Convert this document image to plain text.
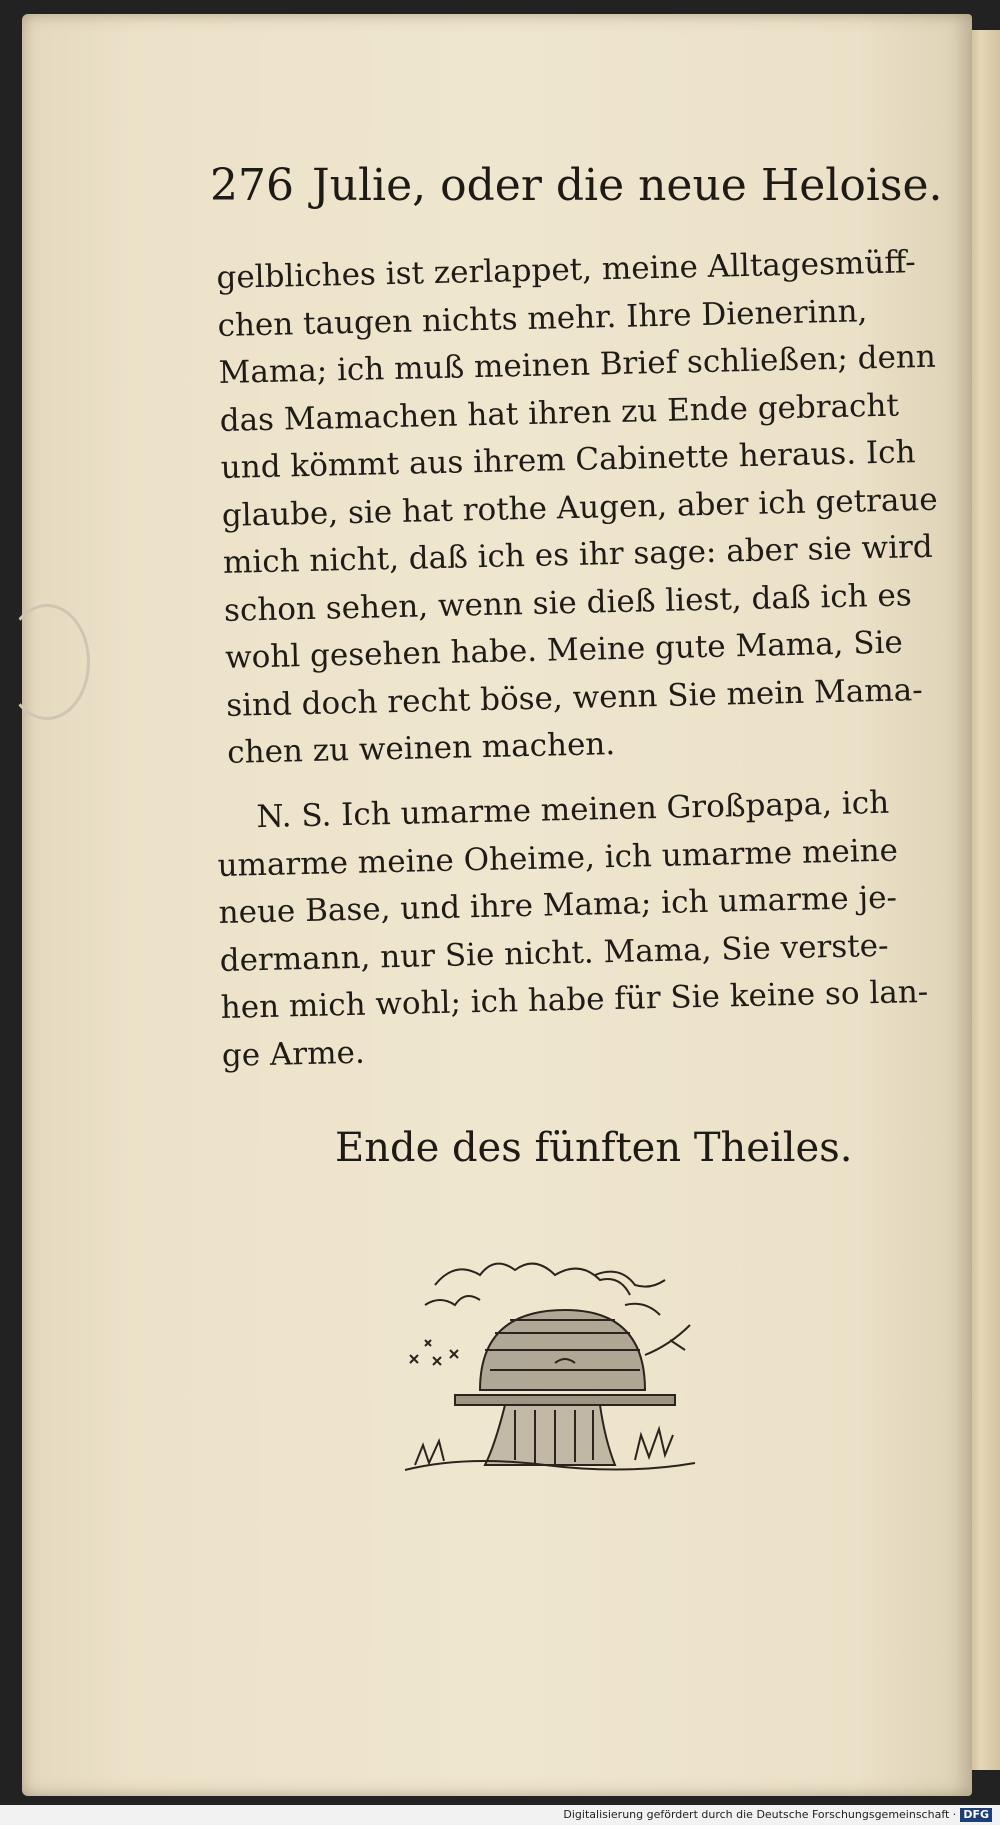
276 Julie, oder die neue Heloise.
gelbliches ist zerlappet, meine Alltagesmüff-
chen taugen nichts mehr. Ihre Dienerinn,
Mama; ich muß meinen Brief schließen; denn
das Mamachen hat ihren zu Ende gebracht
und kömmt aus ihrem Cabinette heraus. Ich
glaube, sie hat rothe Augen, aber ich getraue
mich nicht, daß ich es ihr sage: aber sie wird
schon sehen, wenn sie dieß liest, daß ich es
wohl gesehen habe. Meine gute Mama, Sie
sind doch recht böse, wenn Sie mein Mama-
chen zu weinen machen.
N. S. Ich umarme meinen Großpapa, ich
umarme meine Oheime, ich umarme meine
neue Base, und ihre Mama; ich umarme je-
dermann, nur Sie nicht. Mama, Sie verste-
hen mich wohl; ich habe für Sie keine so lan-
ge Arme.
Ende des fünften Theiles.
Digitalisierung gefördert durch die Deutsche Forschungsgemeinschaft · DFG
